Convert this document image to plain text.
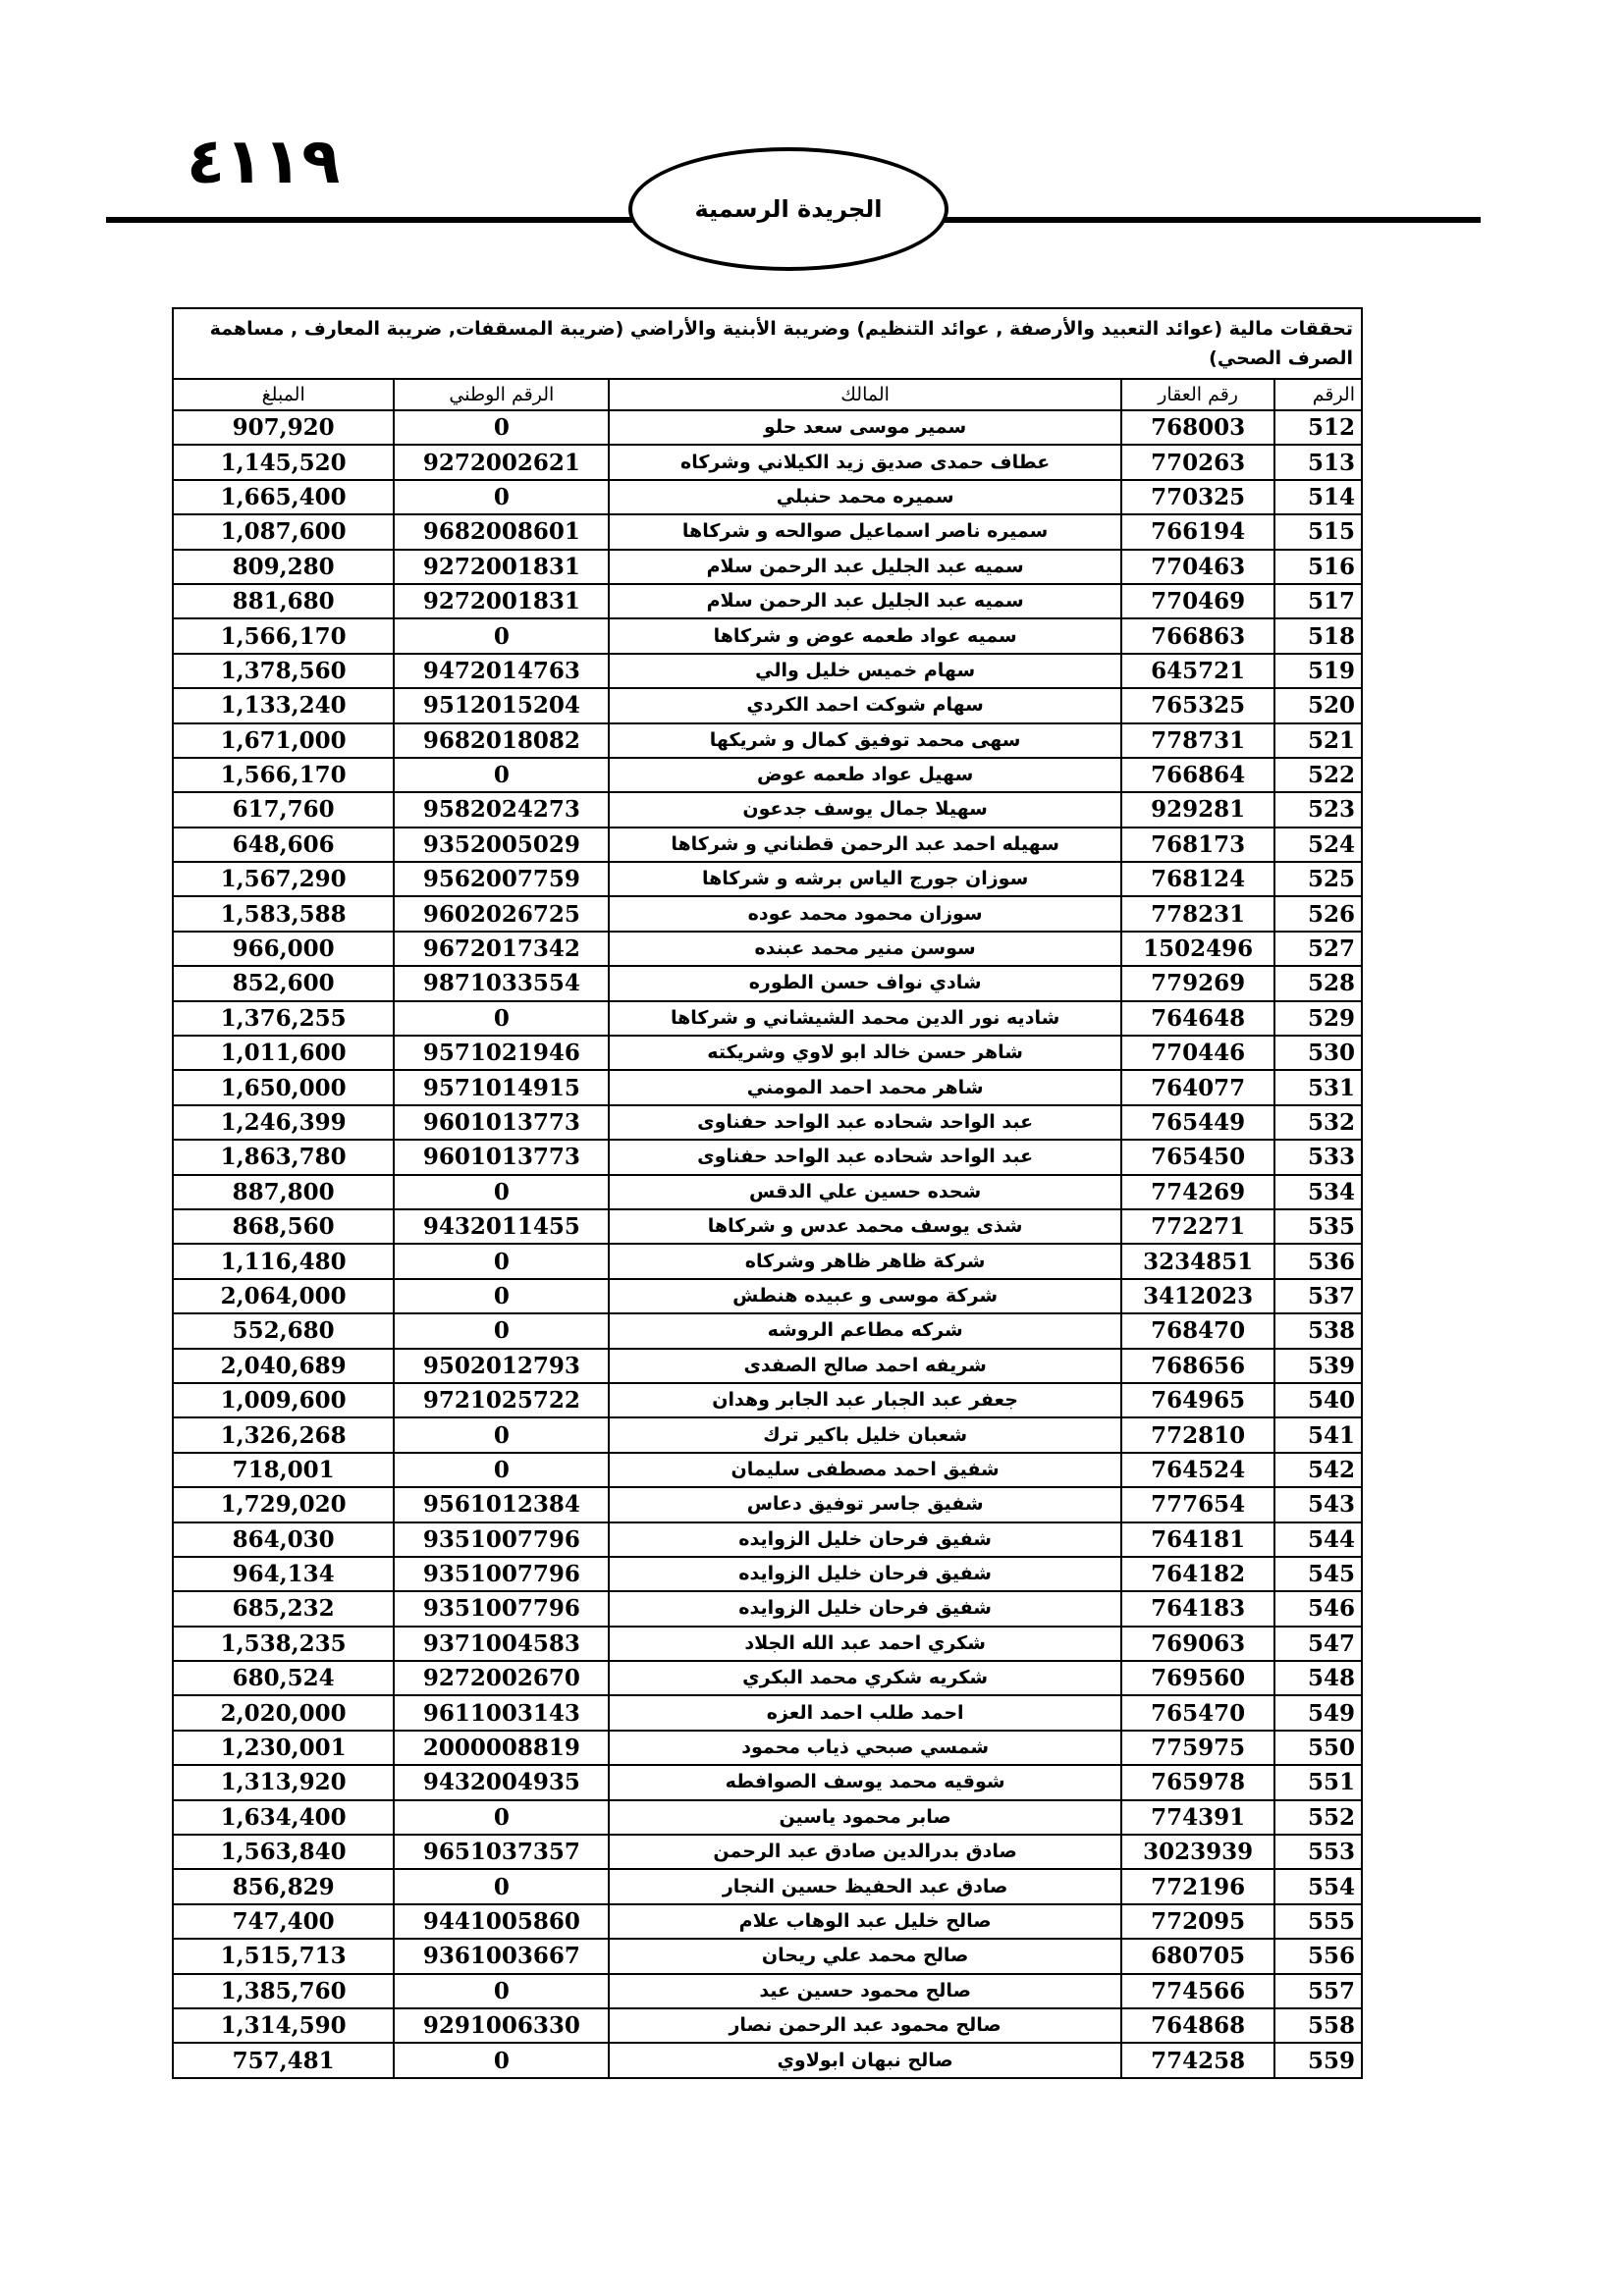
٤١١٩
الجريدة الرسمية
تحققات مالية (عوائد التعبيد والأرصفة , عوائد التنظيم) وضريبة الأبنية والأراضي (ضريبة المسقفات, ضريبة المعارف , مساهمة الصرف الصحي)				
الرقم	رقم العقار	المالك	الرقم الوطني	المبلغ
512	768003	سمير موسى سعد حلو	0	907,920
513	770263	عطاف حمدى صديق زيد الكيلاني وشركاه	9272002621	1,145,520
514	770325	سميره محمد حنبلي	0	1,665,400
515	766194	سميره ناصر اسماعيل صوالحه و شركاها	9682008601	1,087,600
516	770463	سميه عبد الجليل عبد الرحمن سلام	9272001831	809,280
517	770469	سميه عبد الجليل عبد الرحمن سلام	9272001831	881,680
518	766863	سميه عواد طعمه عوض و شركاها	0	1,566,170
519	645721	سهام خميس خليل والي	9472014763	1,378,560
520	765325	سهام شوكت احمد الكردي	9512015204	1,133,240
521	778731	سهى محمد توفيق كمال و شريكها	9682018082	1,671,000
522	766864	سهيل عواد طعمه عوض	0	1,566,170
523	929281	سهيلا جمال يوسف جدعون	9582024273	617,760
524	768173	سهيله احمد عبد الرحمن قطناني و شركاها	9352005029	648,606
525	768124	سوزان جورج الياس برشه و شركاها	9562007759	1,567,290
526	778231	سوزان محمود محمد عوده	9602026725	1,583,588
527	1502496	سوسن منير محمد عبنده	9672017342	966,000
528	779269	شادي نواف حسن الطوره	9871033554	852,600
529	764648	شاديه نور الدين محمد الشيشاني و شركاها	0	1,376,255
530	770446	شاهر حسن خالد ابو لاوي وشريكته	9571021946	1,011,600
531	764077	شاهر محمد احمد المومني	9571014915	1,650,000
532	765449	عبد الواحد شحاده عبد الواحد حفناوى	9601013773	1,246,399
533	765450	عبد الواحد شحاده عبد الواحد حفناوى	9601013773	1,863,780
534	774269	شحده حسين علي الدقس	0	887,800
535	772271	شذى يوسف محمد عدس و شركاها	9432011455	868,560
536	3234851	شركة ظاهر ظاهر وشركاه	0	1,116,480
537	3412023	شركة موسى و عبيده هنطش	0	2,064,000
538	768470	شركه مطاعم الروشه	0	552,680
539	768656	شريفه احمد صالح الصفدى	9502012793	2,040,689
540	764965	جعفر عبد الجبار عبد الجابر وهدان	9721025722	1,009,600
541	772810	شعبان خليل باكير ترك	0	1,326,268
542	764524	شفيق احمد مصطفى سليمان	0	718,001
543	777654	شفيق جاسر توفيق دعاس	9561012384	1,729,020
544	764181	شفيق فرحان خليل الزوايده	9351007796	864,030
545	764182	شفيق فرحان خليل الزوايده	9351007796	964,134
546	764183	شفيق فرحان خليل الزوايده	9351007796	685,232
547	769063	شكري احمد عبد الله الجلاد	9371004583	1,538,235
548	769560	شكريه شكري محمد البكري	9272002670	680,524
549	765470	احمد طلب احمد العزه	9611003143	2,020,000
550	775975	شمسي صبحي ذياب محمود	2000008819	1,230,001
551	765978	شوقيه محمد يوسف الصوافطه	9432004935	1,313,920
552	774391	صابر محمود ياسين	0	1,634,400
553	3023939	صادق بدرالدين صادق عبد الرحمن	9651037357	1,563,840
554	772196	صادق عبد الحفيظ حسين النجار	0	856,829
555	772095	صالح خليل عبد الوهاب علام	9441005860	747,400
556	680705	صالح محمد علي ريحان	9361003667	1,515,713
557	774566	صالح محمود حسين عيد	0	1,385,760
558	764868	صالح محمود عبد الرحمن نصار	9291006330	1,314,590
559	774258	صالح نبهان ابولاوي	0	757,481
